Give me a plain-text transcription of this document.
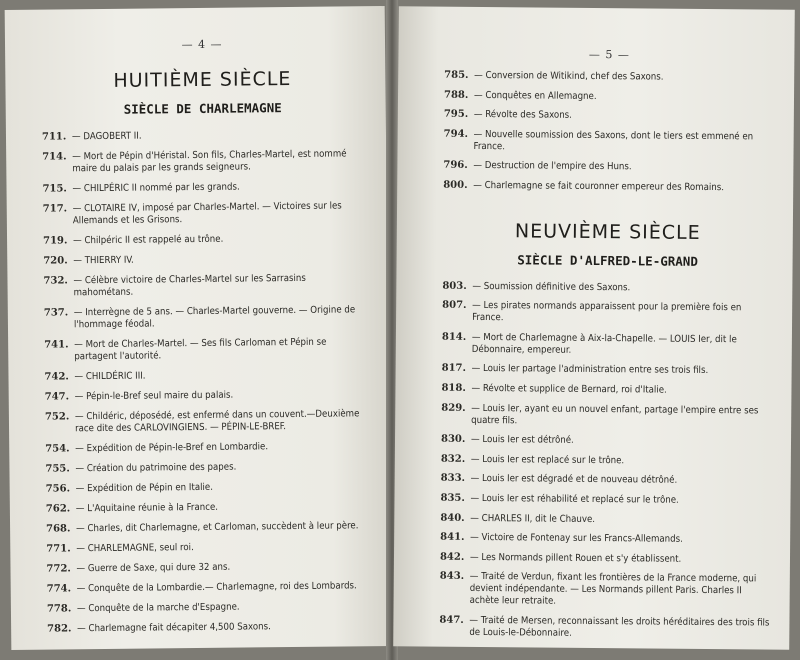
— 4 —
HUITIÈME SIÈCLE
SIÈCLE DE CHARLEMAGNE
711. — DAGOBERT II.
714. — Mort de Pépin d'Héristal. Son fils, Charles-Martel, est nommé maire du palais par les grands seigneurs.
715. — CHILPÉRIC II nommé par les grands.
717. — CLOTAIRE IV, imposé par Charles-Martel. — Victoires sur les Allemands et les Grisons.
719. — Chilpéric II est rappelé au trône.
720. — THIERRY IV.
732. — Célèbre victoire de Charles-Martel sur les Sarrasins mahométans.
737. — Interrègne de 5 ans. — Charles-Martel gouverne. — Origine de l'hommage féodal.
741. — Mort de Charles-Martel. — Ses fils Carloman et Pépin se partagent l'autorité.
742. — CHILDÉRIC III.
747. — Pépin-le-Bref seul maire du palais.
752. — Childéric, déposédé, est enfermé dans un couvent.—Deuxième race dite des CARLOVINGIENS. — PÉPIN-LE-BREF.
754. — Expédition de Pépin-le-Bref en Lombardie.
755. — Création du patrimoine des papes.
756. — Expédition de Pépin en Italie.
762. — L'Aquitaine réunie à la France.
768. — Charles, dit Charlemagne, et Carloman, succèdent à leur père.
771. — CHARLEMAGNE, seul roi.
772. — Guerre de Saxe, qui dure 32 ans.
774. — Conquête de la Lombardie.— Charlemagne, roi des Lombards.
778. — Conquête de la marche d'Espagne.
782. — Charlemagne fait décapiter 4,500 Saxons.
— 5 —
785. — Conversion de Witikind, chef des Saxons.
788. — Conquêtes en Allemagne.
795. — Révolte des Saxons.
794. — Nouvelle soumission des Saxons, dont le tiers est emmené en France.
796. — Destruction de l'empire des Huns.
800. — Charlemagne se fait couronner empereur des Romains.
NEUVIÈME SIÈCLE
SIÈCLE D'ALFRED-LE-GRAND
803. — Soumission définitive des Saxons.
807. — Les pirates normands apparaissent pour la première fois en France.
814. — Mort de Charlemagne à Aix-la-Chapelle. — LOUIS Ier, dit le Débonnaire, empereur.
817. — Louis Ier partage l'administration entre ses trois fils.
818. — Révolte et supplice de Bernard, roi d'Italie.
829. — Louis Ier, ayant eu un nouvel enfant, partage l'empire entre ses quatre fils.
830. — Louis Ier est détrôné.
832. — Louis Ier est replacé sur le trône.
833. — Louis Ier est dégradé et de nouveau détrôné.
835. — Louis Ier est réhabilité et replacé sur le trône.
840. — CHARLES II, dit le Chauve.
841. — Victoire de Fontenay sur les Francs-Allemands.
842. — Les Normands pillent Rouen et s'y établissent.
843. — Traité de Verdun, fixant les frontières de la France moderne, qui devient indépendante. — Les Normands pillent Paris. Charles II achète leur retraite.
847. — Traité de Mersen, reconnaissant les droits héréditaires des trois fils de Louis-le-Débonnaire.
